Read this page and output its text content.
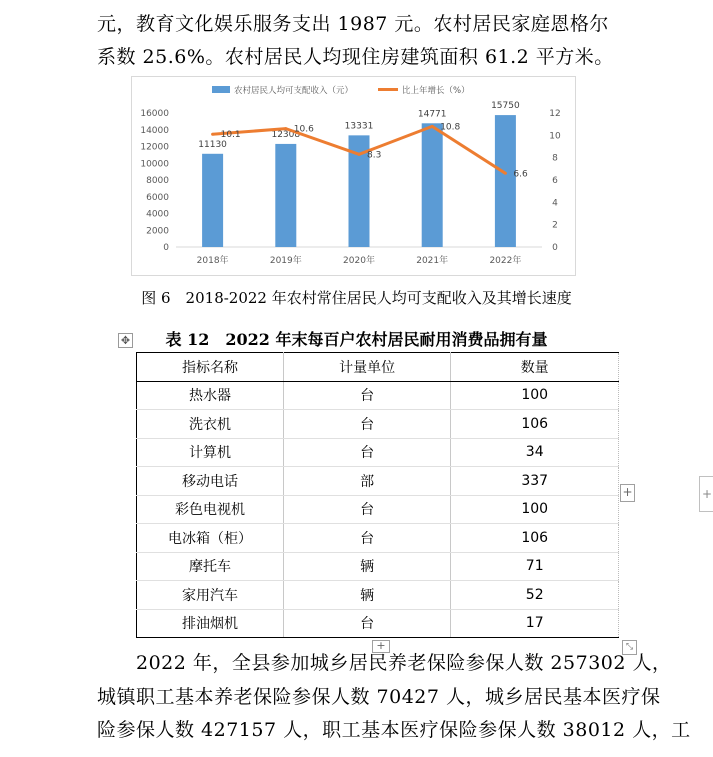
元，教育文化娱乐服务支出 1987 元。农村居民家庭恩格尔
系数 25.6%。农村居民人均现住房建筑面积 61.2 平方米。
农村居民人均可支配收入（元）	比上年增长（%）
0
2000
4000
6000
8000
10000
12000
14000
16000
0
2
4
6
8
10
12
2018年	2019年	2020年	2021年	2022年
11130
12308
13331
14771
15750
10.1
10.6
8.3
10.8
6.6
图 6　2018-2022 年农村常住居民人均可支配收入及其增长速度
表 12　2022 年末每百户农村居民耐用消费品拥有量
✥
指标名称	计量单位	数量
热水器	台	100
洗衣机	台	106
计算机	台	34
移动电话	部	337
彩色电视机	台	100
电冰箱（柜）	台	106
摩托车	辆	71
家用汽车	辆	52
排油烟机	台	17
+
+	⤡
+
2022 年，全县参加城乡居民养老保险参保人数 257302 人，
城镇职工基本养老保险参保人数 70427 人，城乡居民基本医疗保
险参保人数 427157 人，职工基本医疗保险参保人数 38012 人，工
